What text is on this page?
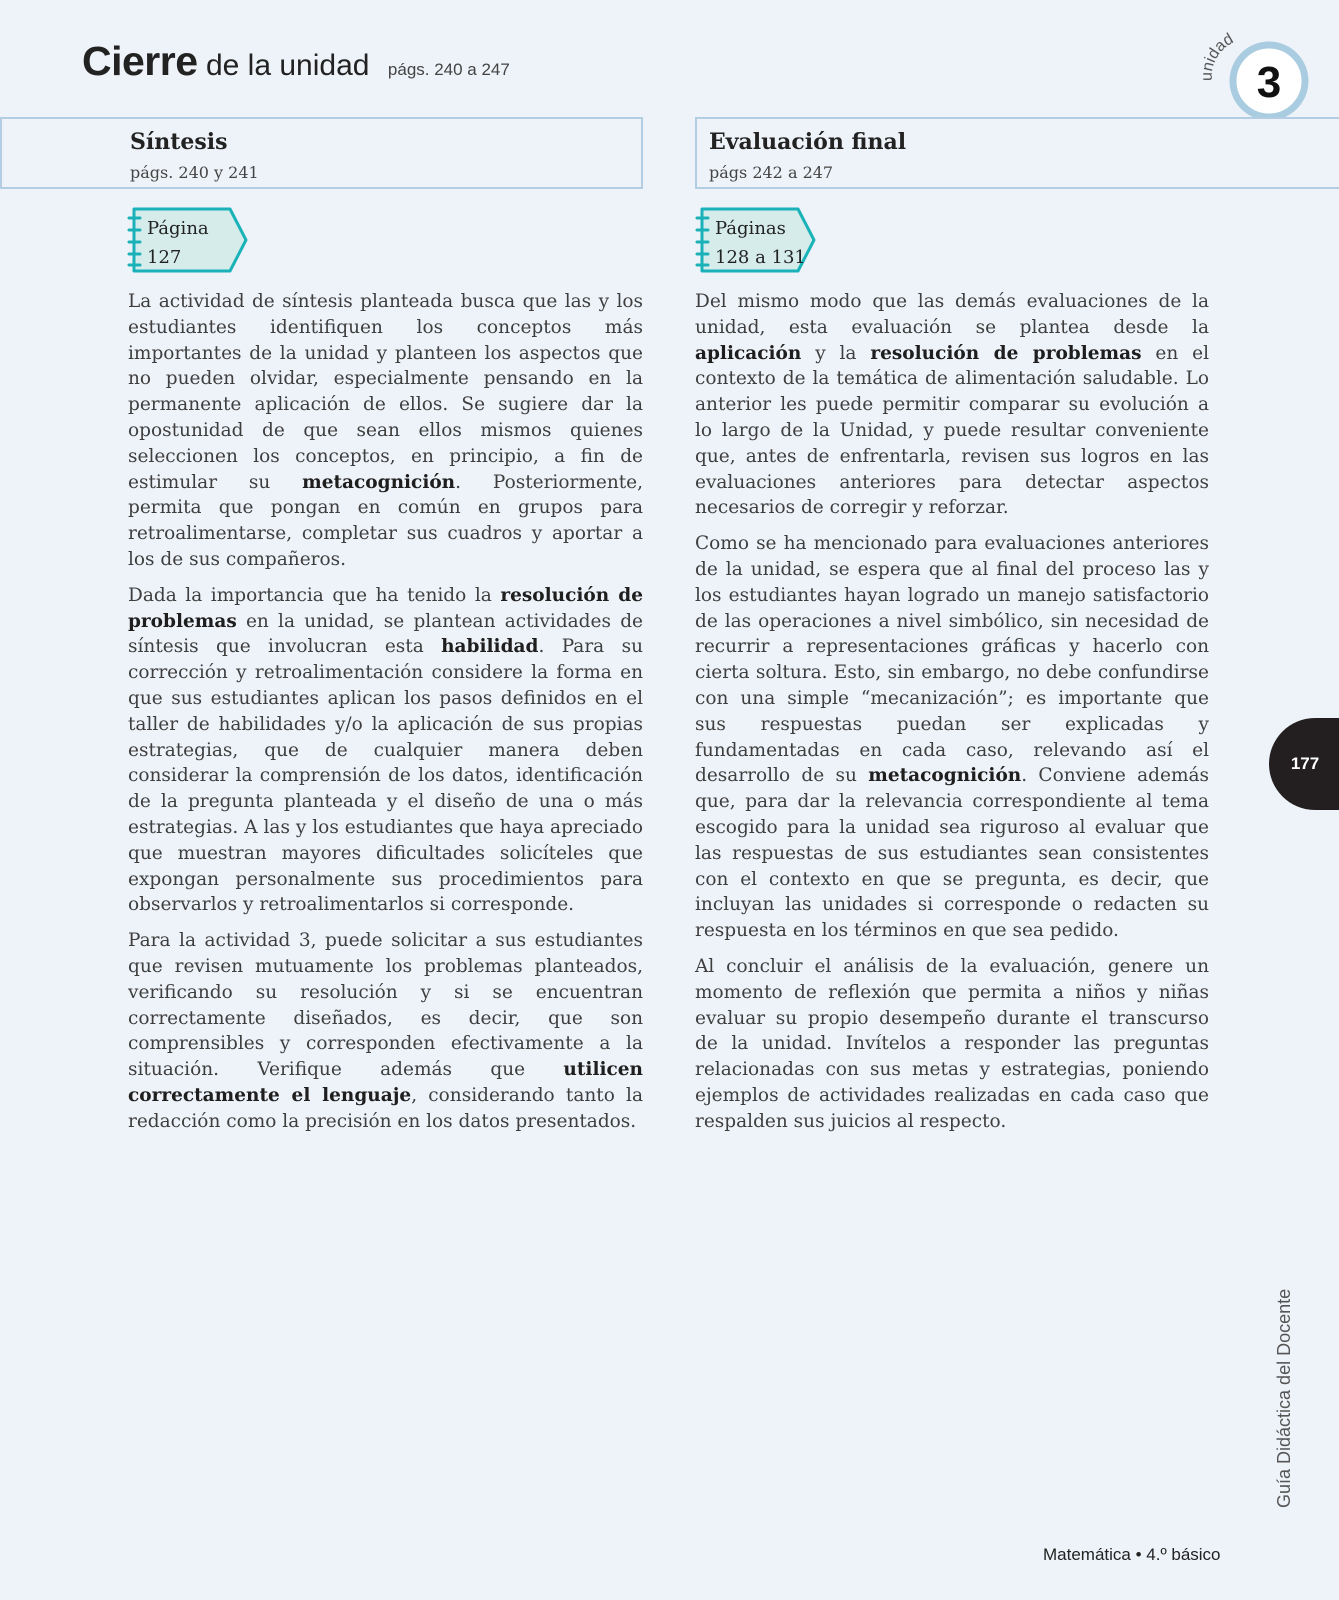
Cierre de la unidad págs. 240 a 247	unidad
3
Síntesis
págs. 240 y 241
Evaluación final
págs 242 a 247
Página
127
Páginas
128 a 131

La actividad de síntesis planteada busca que las y los estudiantes identifiquen los conceptos más importantes de la unidad y planteen los aspectos que no pueden olvidar, especialmente pensando en la permanente aplicación de ellos. Se sugiere dar la opostunidad de que sean ellos mismos quienes seleccionen los conceptos, en principio, a fin de estimular su metacognición. Posteriormente, permita que pongan en común en grupos para retroalimentarse, completar sus cuadros y aportar a los de sus compañeros.

Dada la importancia que ha tenido la resolución de problemas en la unidad, se plantean actividades de síntesis que involucran esta habilidad. Para su corrección y retroalimentación considere la forma en que sus estudiantes aplican los pasos definidos en el taller de habilidades y/o la aplicación de sus propias estrategias, que de cualquier manera deben considerar la comprensión de los datos, identificación de la pregunta planteada y el diseño de una o más estrategias. A las y los estudiantes que haya apreciado que muestran mayores dificultades solicíteles que expongan personalmente sus procedimientos para observarlos y retroalimentarlos si corresponde.

Para la actividad 3, puede solicitar a sus estudiantes que revisen mutuamente los problemas planteados, verificando su resolución y si se encuentran correctamente diseñados, es decir, que son comprensibles y corresponden efectivamente a la situación. Verifique además que utilicen correctamente el lenguaje, considerando tanto la redacción como la precisión en los datos presentados.

Del mismo modo que las demás evaluaciones de la unidad, esta evaluación se plantea desde la aplicación y la resolución de problemas en el contexto de la temática de alimentación saludable. Lo anterior les puede permitir comparar su evolución a lo largo de la Unidad, y puede resultar conveniente que, antes de enfrentarla, revisen sus logros en las evaluaciones anteriores para detectar aspectos necesarios de corregir y reforzar.

Como se ha mencionado para evaluaciones anteriores de la unidad, se espera que al final del proceso las y los estudiantes hayan logrado un manejo satisfactorio de las operaciones a nivel simbólico, sin necesidad de recurrir a representaciones gráficas y hacerlo con cierta soltura. Esto, sin embargo, no debe confundirse con una simple “mecanización”; es importante que sus respuestas puedan ser explicadas y fundamentadas en cada caso, relevando así el desarrollo de su metacognición. Conviene además que, para dar la relevancia correspondiente al tema escogido para la unidad sea riguroso al evaluar que las respuestas de sus estudiantes sean consistentes con el contexto en que se pregunta, es decir, que incluyan las unidades si corresponde o redacten su respuesta en los términos en que sea pedido.

Al concluir el análisis de la evaluación, genere un momento de reflexión que permita a niños y niñas evaluar su propio desempeño durante el transcurso de la unidad. Invítelos a responder las preguntas relacionadas con sus metas y estrategias, poniendo ejemplos de actividades realizadas en cada caso que respalden sus juicios al respecto.

177
Guía Didáctica del Docente
Matemática • 4.º básico
